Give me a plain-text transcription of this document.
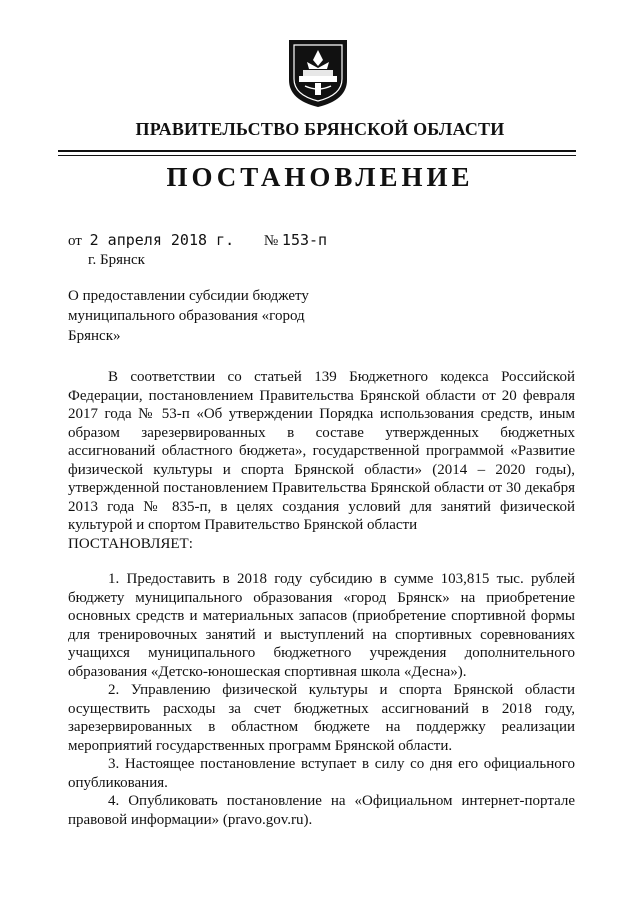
ПРАВИТЕЛЬСТВО БРЯНСКОЙ ОБЛАСТИ
ПОСТАНОВЛЕНИЕ
от 2 апреля 2018 г. № 153-п
г. Брянск
О предоставлении субсидии бюджету муниципального образования «город Брянск»

В соответствии со статьей 139 Бюджетного кодекса Российской Федерации, постановлением Правительства Брянской области от 20 февраля 2017 года № 53-п «Об утверждении Порядка использования средств, иным образом зарезервированных в составе утвержденных бюджетных ассигнований областного бюджета», государственной программой «Развитие физической культуры и спорта Брянской области» (2014 – 2020 годы), утвержденной постановлением Правительства Брянской области от 30 декабря 2013 года № 835-п, в целях создания условий для занятий физической культурой и спортом Правительство Брянской области

ПОСТАНОВЛЯЕТ:

1. Предоставить в 2018 году субсидию в сумме 103,815 тыс. рублей бюджету муниципального образования «город Брянск» на приобретение основных средств и материальных запасов (приобретение спортивной формы для тренировочных занятий и выступлений на спортивных соревнованиях учащихся муниципального бюджетного учреждения дополнительного образования «Детско-юношеская спортивная школа «Десна»).

2. Управлению физической культуры и спорта Брянской области осуществить расходы за счет бюджетных ассигнований в 2018 году, зарезервированных в областном бюджете на поддержку реализации мероприятий государственных программ Брянской области.

3. Настоящее постановление вступает в силу со дня его официального опубликования.

4. Опубликовать постановление на «Официальном интернет-портале правовой информации» (pravo.gov.ru).
